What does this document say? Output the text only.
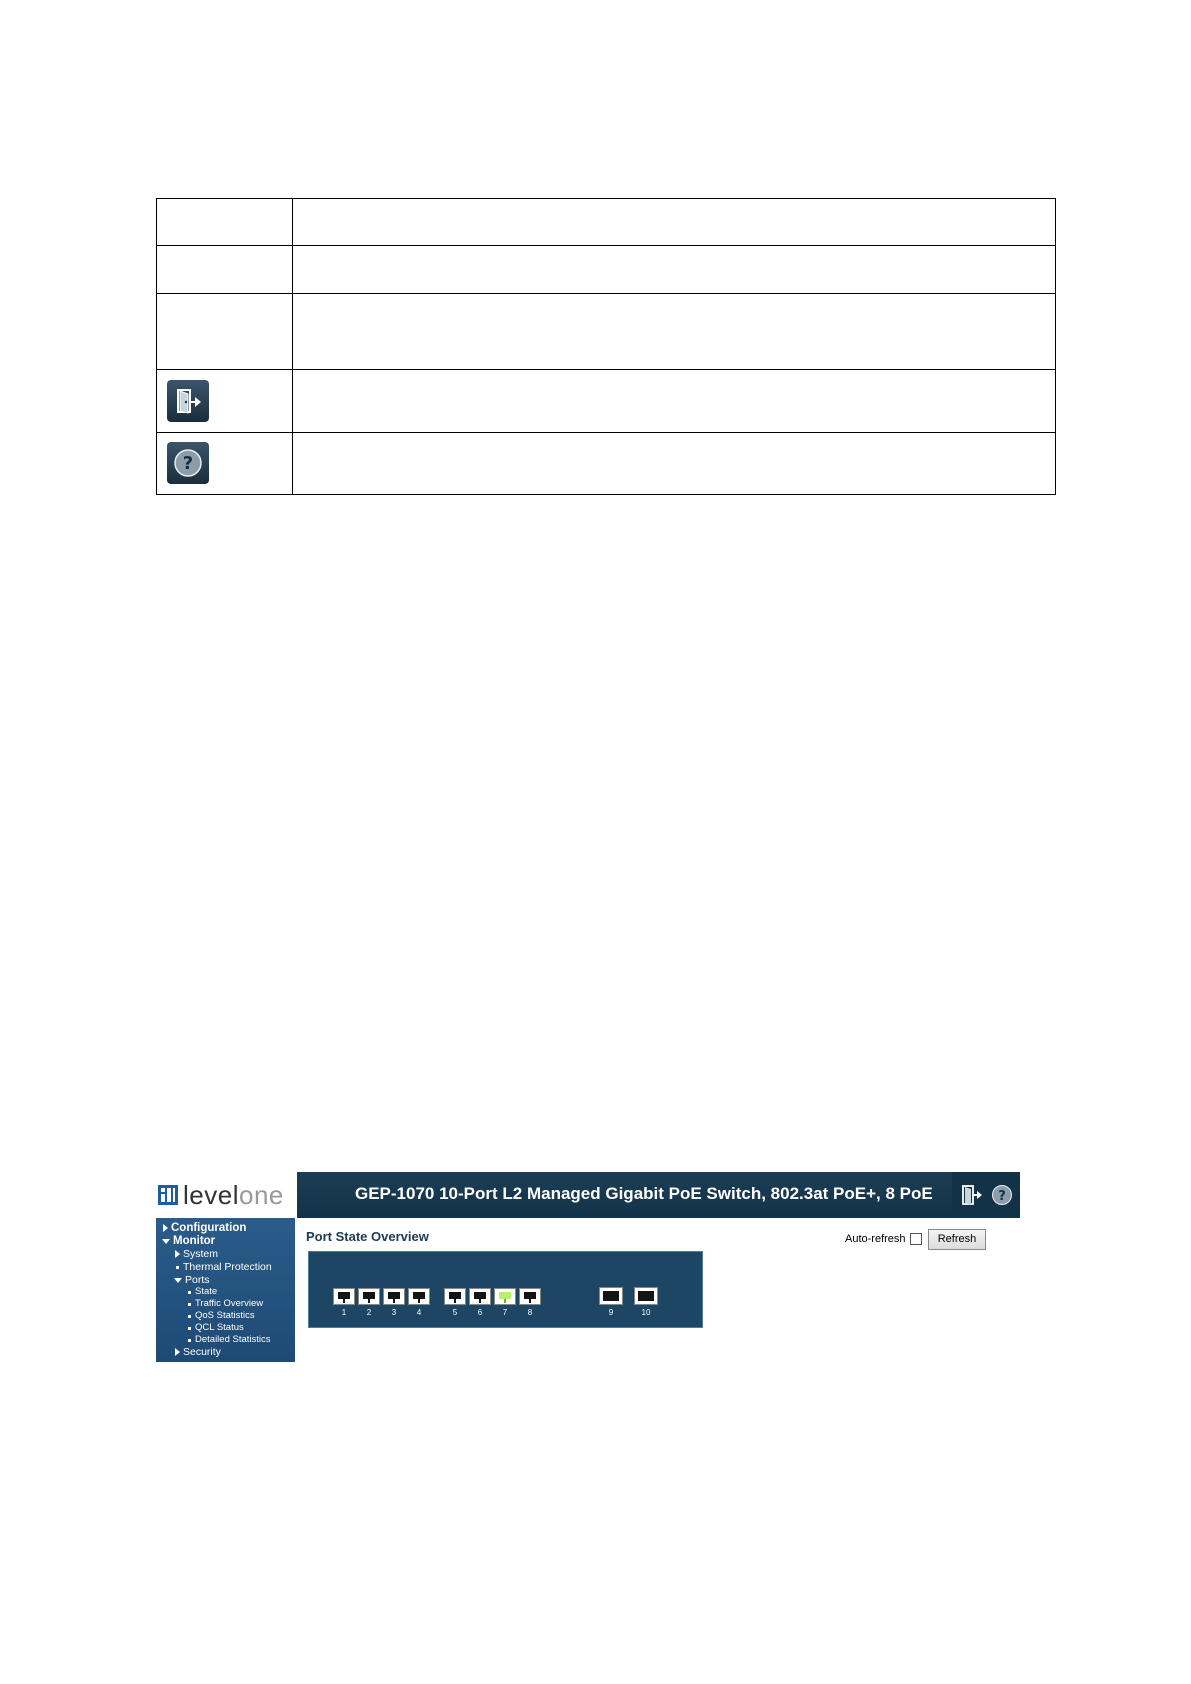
?	

levelone	GEP-1070 10-Port L2 Managed Gigabit PoE Switch, 802.3at PoE+, 8 PoE	?
Configuration
Monitor
System
Thermal Protection
Ports
State
Traffic Overview
QoS Statistics
QCL Status
Detailed Statistics
Security
Port State Overview	Auto-refresh	Refresh
1	2	3	4	5	6	7	8	9	10
